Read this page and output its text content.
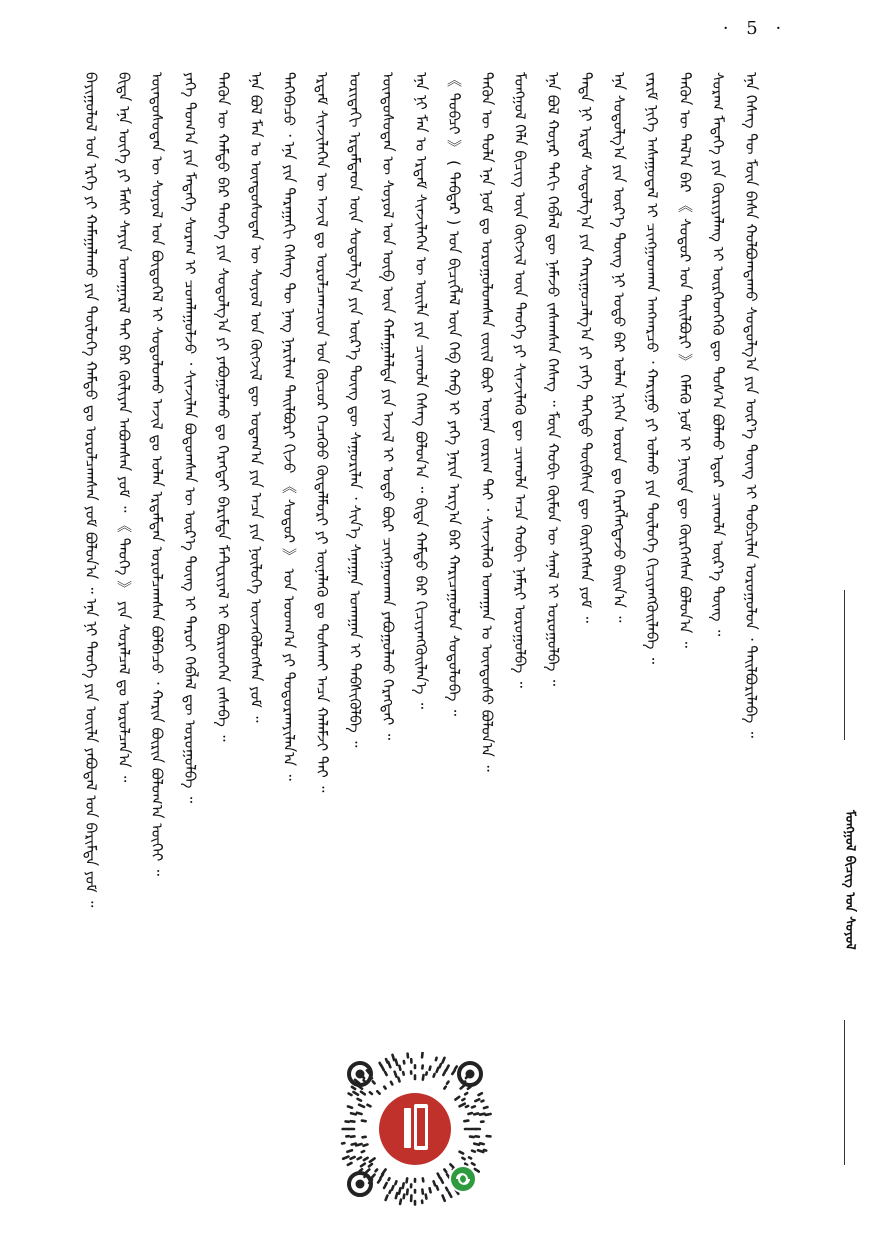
· 5 ·
ᠮᠣᠩᠭᠣᠯ ᠪᠢᠴᠢᠭ ᠤᠨ ᠰᠣᠶᠣᠯ
ᠪᠠᠶᠢᠭᠤᠯᠤᠯ ᠤᠨ ᠡᠷᠬᠡ ᠶᠢ ᠬᠠᠮᠠᠭᠠᠯᠠᠬᠤ ᠶᠢᠨ ᠲᠥᠯᠥᠭᠡ ᠬᠠᠮᠲᠤ ᠳᠤ ᠣᠷᠣᠯᠴᠠᠭᠰᠠᠨ ᠶᠤᠮ ᠪᠣᠯᠤᠨ᠎ᠠ ᠃ ᠡᠨᠡ ᠨᠢ ᠲᠡᠦᠬᠡ ᠶᠢᠨ ᠦᠢᠯᠡ ᠶᠠᠪᠤᠳᠠᠯ ᠤᠨ ᠪᠠᠷᠢᠮᠲᠠ ᠶᠤᠮ ᠃	ᠪᠢᠳᠡ ᠡᠨᠡ ᠦᠭᠡ ᠶᠢ ᠮᠠᠰᠢ ᠰᠠᠶᠢᠨ ᠤᠬᠠᠭᠠᠷᠠᠯ ᠲᠠᠢ ᠪᠠᠷ ᠬᠦᠯᠢᠶᠡᠨ ᠠᠪᠤᠭᠰᠠᠨ ᠶᠤᠮ ᠃ 《 ᠲᠡᠦᠬᠡ 》 ᠶᠢᠨ ᠰᠤᠷᠠᠯᠴᠠᠯ ᠳᠤ ᠣᠷᠣᠯᠴᠠᠨ᠎ᠠ ᠃	ᠦᠨᠳᠦᠰᠦᠲᠡᠨ ᠦ ᠰᠣᠶᠣᠯ ᠤᠨ ᠪᠦᠲᠦᠭᠡᠯ ᠢ ᠰᠤᠳᠤᠯᠤᠬᠤ ᠠᠵᠢᠯ ᠳᠤ ᠣᠯᠠᠨ ᠡᠷᠳᠡᠮᠲᠡᠨ ᠣᠷᠣᠯᠴᠠᠭᠰᠠᠨ ᠪᠣᠯᠪᠠᠴᠤ ᠂ ᠬᠠᠷᠢᠨ ᠪᠦᠷᠢᠨ ᠪᠣᠯᠤᠭ᠎ᠠ ᠦᠭᠡᠢ ᠃	ᠶᠡᠬᠡ ᠲᠣᠭ᠎ᠠ ᠶᠢᠨ ᠮᠡᠳᠡᠭᠡ ᠰᠤᠷᠠᠭ ᠢ ᠴᠤᠭᠯᠠᠭᠤᠯᠵᠤ ᠂ ᠰᠢᠨᠵᠢᠯᠡᠨ ᠪᠣᠳᠤᠭᠰᠠᠨ ᠦ ᠦᠷ᠎ᠡ ᠳᠦᠩ ᠢ ᠳᠠᠷᠤᠢ ᠬᠡᠪᠯᠡᠯ ᠳᠦ ᠣᠷᠣᠭᠤᠯᠪᠠ ᠃	ᠲᠡᠭᠦᠨ ᠦ ᠬᠠᠮᠲᠤ ᠪᠠᠷ ᠲᠡᠦᠬᠡ ᠶᠢᠨ ᠰᠤᠳᠤᠯᠭ᠎ᠠ ᠶᠢ ᠶᠠᠪᠤᠭᠤᠯᠬᠤ ᠳᠤ ᠬᠡᠷᠡᠭᠲᠡᠢ ᠪᠠᠷᠢᠮᠲᠠ ᠮᠠᠲ᠋ᠧᠷᠢᠶᠠᠯ ᠢ ᠪᠦᠷᠢᠳᠬᠡᠨ ᠵᠠᠰᠠᠪᠠ ᠃	ᠡᠨᠡ ᠪᠣᠯ ᠮᠠᠨ ᠤ ᠦᠨᠳᠦᠰᠦᠲᠡᠨ ᠦ ᠰᠣᠶᠣᠯ ᠤᠨ ᠬᠥᠭᠵᠢᠯ ᠳᠦ ᠤᠳᠠᠭ᠎ᠠ ᠶᠢᠨ ᠠᠴᠠ ᠶᠢᠨ ᠨᠦᠯᠦᠭᠡ ᠦᠵᠡᠭᠦᠯᠦᠭᠰᠡᠨ ᠶᠤᠮ ᠃	ᠲᠡᠭᠡᠪᠡᠴᠦ ᠂ ᠡᠨᠡ ᠶᠢᠨ ᠳᠠᠷᠠᠭᠠᠬᠢ ᠬᠡᠰᠡᠭ ᠲᠦ ᠨᠡᠩ ᠨᠠᠷᠢᠯᠢᠭ ᠲᠠᠢᠯᠪᠤᠷᠢ ᠬᠢᠵᠦ 《 ᠰᠤᠳᠤᠷ 》 ᠤᠨ ᠤᠳᠬ᠎ᠠ ᠶᠢ ᠲᠣᠳᠤᠷᠬᠠᠶᠢᠯᠠᠨ᠎ᠠ ᠃	ᠡᠷᠳᠡᠮ ᠰᠢᠨᠵᠢᠯᠡᠭᠡᠨ ᠦ ᠠᠵᠢᠯ ᠳᠤ ᠣᠷᠣᠯᠴᠠᠭᠴᠢᠳ ᠤᠨ ᠬᠦᠴᠦᠷ ᠬᠡᠴᠡᠭᠦᠦ ᠬᠥᠳᠡᠯᠮᠦᠷᠢ ᠶᠢ ᠦᠨᠡᠯᠡᠬᠦ ᠳᠤ ᠲᠤᠰᠬᠠᠢ ᠠᠴᠠ ᠬᠠᠯᠠᠮᠵᠢ ᠲᠠᠢ ᠃	ᠤᠷᠢᠳᠠᠬᠢ ᠡᠷᠳᠡᠮᠲᠡᠳ ᠦᠨ ᠰᠤᠳᠤᠯᠭ᠎ᠠ ᠶᠢᠨ ᠦᠷ᠎ᠡ ᠳᠦᠩ ᠳᠦ ᠰᠠᠭᠤᠷᠢᠯᠠᠨ ᠂ ᠰᠢᠨ᠎ᠡ ᠰᠠᠨᠠᠭᠠᠨ ᠤᠬᠠᠭᠠᠨ ᠢ ᠳᠡᠪᠰᠢᠭᠦᠯᠪᠡ ᠃	ᠦᠨᠳᠦᠰᠦᠲᠡᠨ ᠦ ᠰᠣᠶᠣᠯ ᠤᠨ ᠥᠪ ᠦᠨ ᠬᠠᠮᠠᠭᠠᠯᠠᠯᠲᠠ ᠶᠢᠨ ᠠᠵᠢᠯ ᠢ ᠣᠳᠣ ᠪᠦᠷ ᠴᠢᠩᠭᠠᠳᠬᠠᠨ ᠶᠠᠪᠤᠭᠤᠯᠬᠤ ᠬᠡᠷᠡᠭᠲᠡᠢ ᠃	ᠡᠨᠡ ᠨᠢ ᠮᠠᠨ ᠤ ᠡᠷᠳᠡᠮ ᠰᠢᠨᠵᠢᠯᠡᠭᠡᠨ ᠦ ᠦᠢᠯᠡ ᠶᠢᠨ ᠴᠢᠬᠤᠯᠠ ᠬᠡᠰᠡᠭ ᠪᠣᠯᠤᠨ᠎ᠠ ᠃ ᠪᠢᠳᠡ ᠬᠠᠮᠲᠤ ᠪᠠᠷ ᠬᠢᠴᠢᠶᠡᠩᠭᠦᠢᠯᠡᠨ᠎ᠡ ᠃	《 ᠲᠣᠪᠴᠢ 》 ( ᠳᠡᠪᠲᠡᠷ ) ᠤᠨ ᠪᠢᠴᠢᠭᠯᠡᠯ ᠦᠨ ᠬᠡᠪ ᠬᠠᠪ ᠢ ᠶᠡᠬᠡ ᠨᠠᠷᠢᠨ ᠠᠷᠭ᠎ᠠ ᠪᠠᠷ ᠬᠠᠷᠢᠴᠠᠭᠤᠯᠤᠨ ᠰᠤᠳᠤᠯᠤᠪᠠ ᠃	ᠲᠡᠭᠦᠨ ᠦ ᠲᠤᠯᠠ ᠡᠨᠡ ᠨᠣᠮ ᠳᠤ ᠣᠷᠣᠭᠤᠯᠤᠭᠰᠠᠨ ᠵᠦᠢᠯ ᠪᠦᠷ ᠦᠨᠡᠨ ᠵᠣᠷᠢᠭ ᠲᠠᠢ ᠂ ᠰᠢᠨᠵᠢᠯᠡᠬᠦ ᠤᠬᠠᠭᠠᠨ ᠤ ᠦᠨᠳᠦᠰᠦ ᠪᠣᠯᠤᠨ᠎ᠠ ᠃	ᠮᠣᠩᠭᠣᠯ ᠬᠡᠯᠡ ᠪᠢᠴᠢᠭ ᠦᠨ ᠬᠥᠭᠵᠢᠯ ᠦᠨ ᠲᠡᠦᠬᠡ ᠶᠢ ᠰᠢᠨᠵᠢᠯᠡᠬᠦ ᠳᠦ ᠴᠢᠬᠤᠯᠠ ᠠᠴᠠ ᠬᠤᠪᠢ ᠨᠡᠮᠡᠷᠢ ᠣᠷᠣᠭᠤᠯᠪᠠ ᠃	ᠡᠨᠡ ᠪᠣᠯ ᠬᠣᠶᠠᠷ ᠳᠠᠬᠢ ᠬᠡᠪᠯᠡᠯ ᠳᠦ ᠨᠡᠮᠡᠵᠦ ᠵᠠᠰᠠᠭᠰᠠᠨ ᠬᠡᠰᠡᠭ ᠃ ᠮᠥᠨ ᠬᠤᠪᠢ ᠬᠦᠮᠦᠨ ᠦ ᠰᠠᠨᠠᠯ ᠢ ᠣᠷᠣᠭᠤᠯᠪᠠ ᠃	ᠲᠡᠳᠡ ᠨᠢ ᠡᠷᠳᠡᠮ ᠰᠤᠳᠤᠯᠭ᠎ᠠ ᠶᠢᠨ ᠬᠠᠷᠢᠭᠤᠴᠠᠯᠭ᠎ᠠ ᠶᠢ ᠶᠡᠬᠡ ᠳᠡᠭᠡᠳᠦ ᠲᠥᠪᠰᠢᠨ ᠳᠦ ᠬᠦᠷᠭᠡᠭᠰᠡᠨ ᠶᠤᠮ ᠃	ᠡᠨᠡ ᠰᠤᠳᠤᠯᠭ᠎ᠠ ᠶᠢᠨ ᠦᠷ᠎ᠡ ᠳᠦᠩ ᠨᠢ ᠣᠳᠣ ᠪᠠᠷ ᠣᠯᠠᠨ ᠨᠢᠭᠡᠨ ᠣᠷᠣᠨ ᠳᠤ ᠬᠡᠷᠡᠭᠯᠡᠭᠳᠡᠵᠦ ᠪᠠᠢᠨ᠎ᠠ ᠃	ᠵᠠᠷᠢᠮ ᠨᠢᠭᠡ ᠠᠰᠠᠭᠤᠳᠠᠯ ᠢ ᠴᠢᠩᠭᠠᠳᠬᠠᠨ ᠠᠩᠬᠠᠷᠴᠤ ᠂ ᠬᠠᠷᠢᠭᠤ ᠶᠢ ᠣᠯᠬᠤ ᠶᠢᠨ ᠲᠥᠯᠥᠭᠡ ᠬᠢᠴᠢᠶᠡᠩᠭᠦᠢᠯᠡᠪᠡ ᠃	ᠲᠡᠭᠦᠨ ᠦ ᠲᠠᠯ᠎ᠠ ᠪᠠᠷ 《 ᠰᠤᠳᠤᠷ ᠤᠨ ᠲᠠᠢᠯᠪᠤᠷᠢ 》 ᠬᠡᠮᠡᠬᠦ ᠨᠣᠮ ᠢ ᠨᠡᠢᠲᠡ ᠳᠦ ᠬᠦᠷᠭᠡᠭᠰᠡᠨ ᠪᠣᠯᠤᠨ᠎ᠠ ᠃	ᠰᠤᠷᠠᠭ ᠮᠡᠳᠡᠭᠡ ᠶᠢᠨ ᠬᠦᠷᠢᠶᠡᠯᠡᠩ ᠢ ᠥᠷᠭᠡᠳᠬᠡᠬᠦ ᠳᠦ ᠲᠤᠰ᠎ᠠ ᠪᠣᠯᠬᠤ ᠡᠳᠦᠷ ᠴᠢᠬᠤᠯᠠ ᠦᠷ᠎ᠡ ᠳᠦᠩ ᠃	ᠡᠨᠡ ᠬᠡᠰᠡᠭ ᠲᠦ ᠮᠥᠨ ᠪᠠᠰᠠ ᠬᠣᠯᠪᠣᠭᠳᠠᠬᠤ ᠰᠤᠳᠤᠯᠭ᠎ᠠ ᠶᠢᠨ ᠦᠷ᠎ᠡ ᠳᠦᠩ ᠢ ᠲᠣᠪᠴᠢᠯᠠᠨ ᠣᠷᠣᠭᠤᠯᠤᠨ ᠂ ᠲᠠᠢᠯᠪᠤᠷᠢᠯᠠᠪᠠ ᠃
